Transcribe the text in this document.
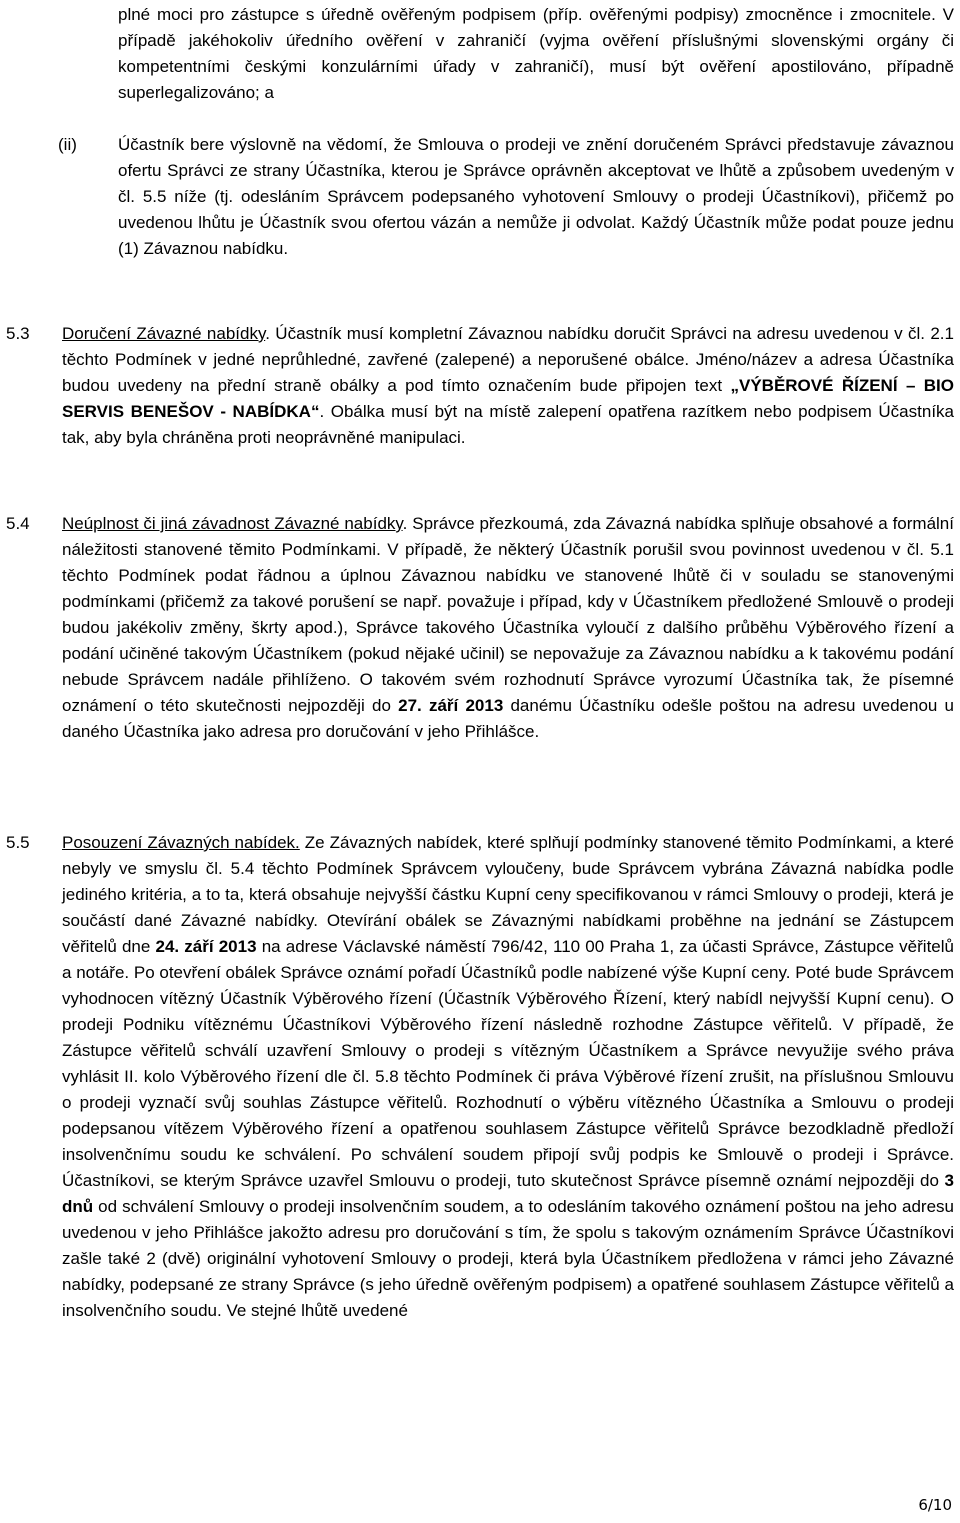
plné moci pro zástupce s úředně ověřeným podpisem (příp. ověřenými podpisy) zmocněnce i zmocnitele. V případě jakéhokoliv úředního ověření v zahraničí (vyjma ověření příslušnými slovenskými orgány či kompetentními českými konzulárními úřady v zahraničí), musí být ověření apostilováno, případně superlegalizováno; a
(ii) Účastník bere výslovně na vědomí, že Smlouva o prodeji ve znění doručeném Správci představuje závaznou ofertu Správci ze strany Účastníka, kterou je Správce oprávněn akceptovat ve lhůtě a způsobem uvedeným v čl. 5.5 níže (tj. odesláním Správcem podepsaného vyhotovení Smlouvy o prodeji Účastníkovi), přičemž po uvedenou lhůtu je Účastník svou ofertou vázán a nemůže ji odvolat. Každý Účastník může podat pouze jednu (1) Závaznou nabídku.
5.3 Doručení Závazné nabídky. Účastník musí kompletní Závaznou nabídku doručit Správci na adresu uvedenou v čl. 2.1 těchto Podmínek v jedné neprůhledné, zavřené (zalepené) a neporušené obálce. Jméno/název a adresa Účastníka budou uvedeny na přední straně obálky a pod tímto označením bude připojen text „VÝBĚROVÉ ŘÍZENÍ – BIO SERVIS BENEŠOV - NABÍDKA“. Obálka musí být na místě zalepení opatřena razítkem nebo podpisem Účastníka tak, aby byla chráněna proti neoprávněné manipulaci.
5.4 Neúplnost či jiná závadnost Závazné nabídky. Správce přezkoumá, zda Závazná nabídka splňuje obsahové a formální náležitosti stanovené těmito Podmínkami. V případě, že některý Účastník porušil svou povinnost uvedenou v čl. 5.1 těchto Podmínek podat řádnou a úplnou Závaznou nabídku ve stanovené lhůtě či v souladu se stanovenými podmínkami (přičemž za takové porušení se např. považuje i případ, kdy v Účastníkem předložené Smlouvě o prodeji budou jakékoliv změny, škrty apod.), Správce takového Účastníka vyloučí z dalšího průběhu Výběrového řízení a podání učiněné takovým Účastníkem (pokud nějaké učinil) se nepovažuje za Závaznou nabídku a k takovému podání nebude Správcem nadále přihlíženo. O takovém svém rozhodnutí Správce vyrozumí Účastníka tak, že písemné oznámení o této skutečnosti nejpozději do 27. září 2013 danému Účastníku odešle poštou na adresu uvedenou u daného Účastníka jako adresa pro doručování v jeho Přihlášce.
5.5 Posouzení Závazných nabídek. Ze Závazných nabídek, které splňují podmínky stanovené těmito Podmínkami, a které nebyly ve smyslu čl. 5.4 těchto Podmínek Správcem vyloučeny, bude Správcem vybrána Závazná nabídka podle jediného kritéria, a to ta, která obsahuje nejvyšší částku Kupní ceny specifikovanou v rámci Smlouvy o prodeji, která je součástí dané Závazné nabídky. Otevírání obálek se Závaznými nabídkami proběhne na jednání se Zástupcem věřitelů dne 24. září 2013 na adrese Václavské náměstí 796/42, 110 00 Praha 1, za účasti Správce, Zástupce věřitelů a notáře. Po otevření obálek Správce oznámí pořadí Účastníků podle nabízené výše Kupní ceny. Poté bude Správcem vyhodnocen vítězný Účastník Výběrového řízení (Účastník Výběrového Řízení, který nabídl nejvyšší Kupní cenu). O prodeji Podniku vítěznému Účastníkovi Výběrového řízení následně rozhodne Zástupce věřitelů. V případě, že Zástupce věřitelů schválí uzavření Smlouvy o prodeji s vítězným Účastníkem a Správce nevyužije svého práva vyhlásit II. kolo Výběrového řízení dle čl. 5.8 těchto Podmínek či práva Výběrové řízení zrušit, na příslušnou Smlouvu o prodeji vyznačí svůj souhlas Zástupce věřitelů. Rozhodnutí o výběru vítězného Účastníka a Smlouvu o prodeji podepsanou vítězem Výběrového řízení a opatřenou souhlasem Zástupce věřitelů Správce bezodkladně předloží insolvenčnímu soudu ke schválení. Po schválení soudem připojí svůj podpis ke Smlouvě o prodeji i Správce. Účastníkovi, se kterým Správce uzavřel Smlouvu o prodeji, tuto skutečnost Správce písemně oznámí nejpozději do 3 dnů od schválení Smlouvy o prodeji insolvenčním soudem, a to odesláním takového oznámení poštou na jeho adresu uvedenou v jeho Přihlášce jakožto adresu pro doručování s tím, že spolu s takovým oznámením Správce Účastníkovi zašle také 2 (dvě) originální vyhotovení Smlouvy o prodeji, která byla Účastníkem předložena v rámci jeho Závazné nabídky, podepsané ze strany Správce (s jeho úředně ověřeným podpisem) a opatřené souhlasem Zástupce věřitelů a insolvenčního soudu. Ve stejné lhůtě uvedené
6/10
